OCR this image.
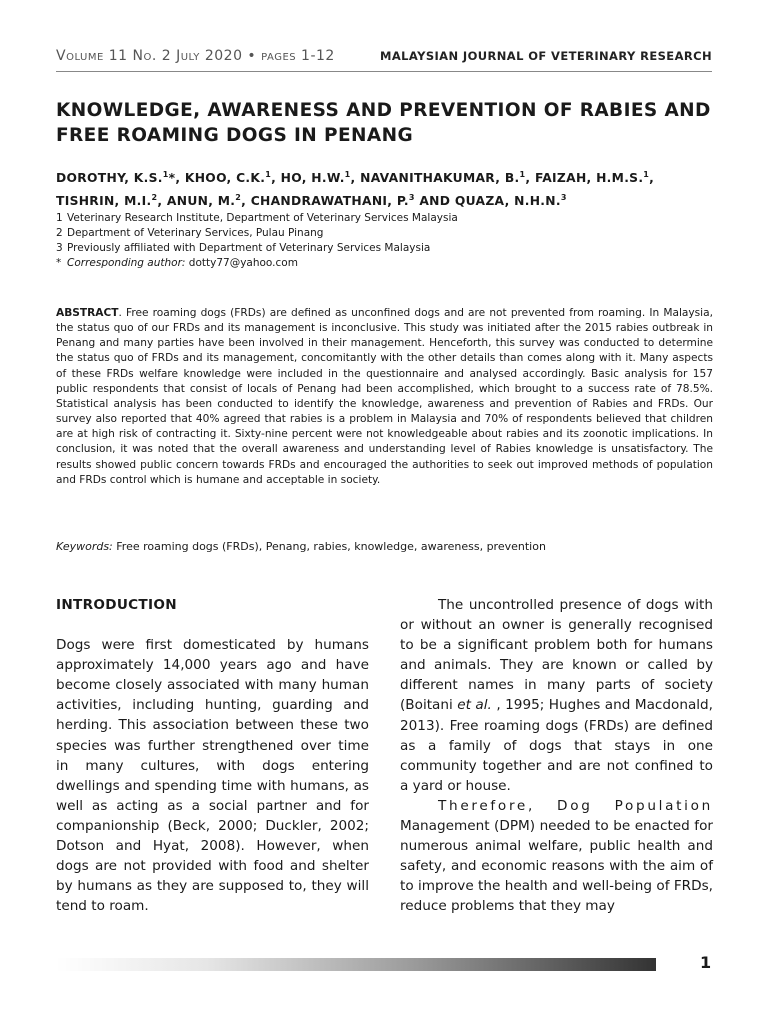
Volume 11 No. 2 July 2020 • pages 1-12	MALAYSIAN JOURNAL OF VETERINARY RESEARCH
KNOWLEDGE, AWARENESS AND PREVENTION OF RABIES AND FREE ROAMING DOGS IN PENANG

DOROTHY, K.S.$^1$*, KHOO, C.K.$^1$, HO, H.W.$^1$, NAVANITHAKUMAR, B.$^1$, FAIZAH, H.M.S.$^1$, TISHRIN, M.I.$^2$, ANUN, M.$^2$, CHANDRAWATHANI, P.$^3$ AND QUAZA, N.H.N.$^3$

1 Veterinary Research Institute, Department of Veterinary Services Malaysia
2 Department of Veterinary Services, Pulau Pinang
3 Previously affiliated with Department of Veterinary Services Malaysia
* Corresponding author:
dotty77@yahoo.com

ABSTRACT. Free roaming dogs (FRDs) are defined as unconfined dogs and are not prevented from roaming. In Malaysia, the status quo of our FRDs and its management is inconclusive. This study was initiated after the 2015 rabies outbreak in Penang and many parties have been involved in their management. Henceforth, this survey was conducted to determine the status quo of FRDs and its management, concomitantly with the other details than comes along with it. Many aspects of these FRDs welfare knowledge were included in the questionnaire and analysed accordingly. Basic analysis for 157 public respondents that consist of locals of Penang had been accomplished, which brought to a success rate of 78.5%. Statistical analysis has been conducted to identify the knowledge, awareness and prevention of Rabies and FRDs. Our survey also reported that 40% agreed that rabies is a problem in Malaysia and 70% of respondents believed that children are at high risk of contracting it. Sixty-nine percent were not knowledgeable about rabies and its zoonotic implications. In conclusion, it was noted that the overall awareness and understanding level of Rabies knowledge is unsatisfactory. The results showed public concern towards FRDs and encouraged the authorities to seek out improved methods of population and FRDs control which is humane and acceptable in society.

Keywords: Free roaming dogs (FRDs), Penang, rabies, knowledge, awareness, prevention

INTRODUCTION

Dogs were first domesticated by humans approximately 14,000 years ago and have become closely associated with many human activities, including hunting, guarding and herding. This association between these two species was further strengthened over time in many cultures, with dogs entering dwellings and spending time with humans, as well as acting as a social partner and for companionship (Beck, 2000; Duckler, 2002; Dotson and Hyat, 2008). However, when dogs are not provided with food and shelter by humans as they are supposed to, they will tend to roam.

The uncontrolled presence of dogs with or without an owner is generally recognised to be a significant problem both for humans and animals. They are known or called by different names in many parts of society (Boitani et al. , 1995; Hughes and Macdonald, 2013). Free roaming dogs (FRDs) are defined as a family of dogs that stays in one community together and are not confined to a yard or house.

Therefore, Dog Population Management (DPM) needed to be enacted for numerous animal welfare, public health and safety, and economic reasons with the aim of to improve the health and well-being of FRDs, reduce problems that they may

1
